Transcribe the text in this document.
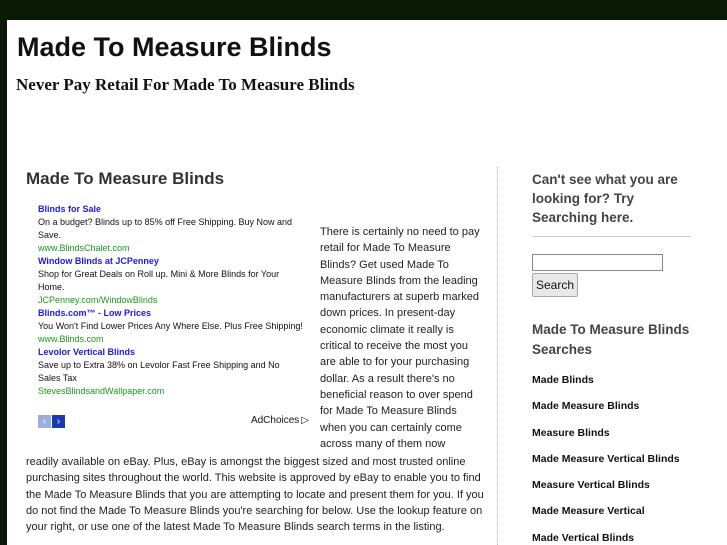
Made To Measure Blinds
Never Pay Retail For Made To Measure Blinds
Made To Measure Blinds
Blinds for Sale
On a budget? Blinds up to 85% off Free Shipping. Buy Now and Save.
www.BlindsChalet.com
Window Blinds at JCPenney
Shop for Great Deals on Roll up. Mini & More Blinds for Your Home.
JCPenney.com/WindowBlinds
Blinds.com™ - Low Prices
You Won't Find Lower Prices Any Where Else. Plus Free Shipping!
www.Blinds.com
Levolor Vertical Blinds
Save up to Extra 38% on Levolor Fast Free Shipping and No Sales Tax
StevesBlindsandWallpaper.com
‹ ›	AdChoices ▷
There is certainly no need to pay retail for Made To Measure Blinds? Get used Made To Measure Blinds from the leading manufacturers at superb marked down prices. In present-day economic climate it really is critical to receive the most you are able to for your purchasing dollar. As a result there's no beneficial reason to over spend for Made To Measure Blinds when you can certainly come across many of them now
readily available on eBay. Plus, eBay is amongst the biggest sized and most trusted online purchasing sites throughout the world. This website is approved by eBay to enable you to find the Made To Measure Blinds that you are attempting to locate and present them for you. If you do not find the Made To Measure Blinds you're searching for below. Use the lookup feature on your right, or use one of the latest Made To Measure Blinds search terms in the listing.
Can't see what you are looking for? Try Searching here.
Search
Made To Measure Blinds Searches
Made Blinds
Made Measure Blinds
Measure Blinds
Made Measure Vertical Blinds
Measure Vertical Blinds
Made Measure Vertical
Made Vertical Blinds
